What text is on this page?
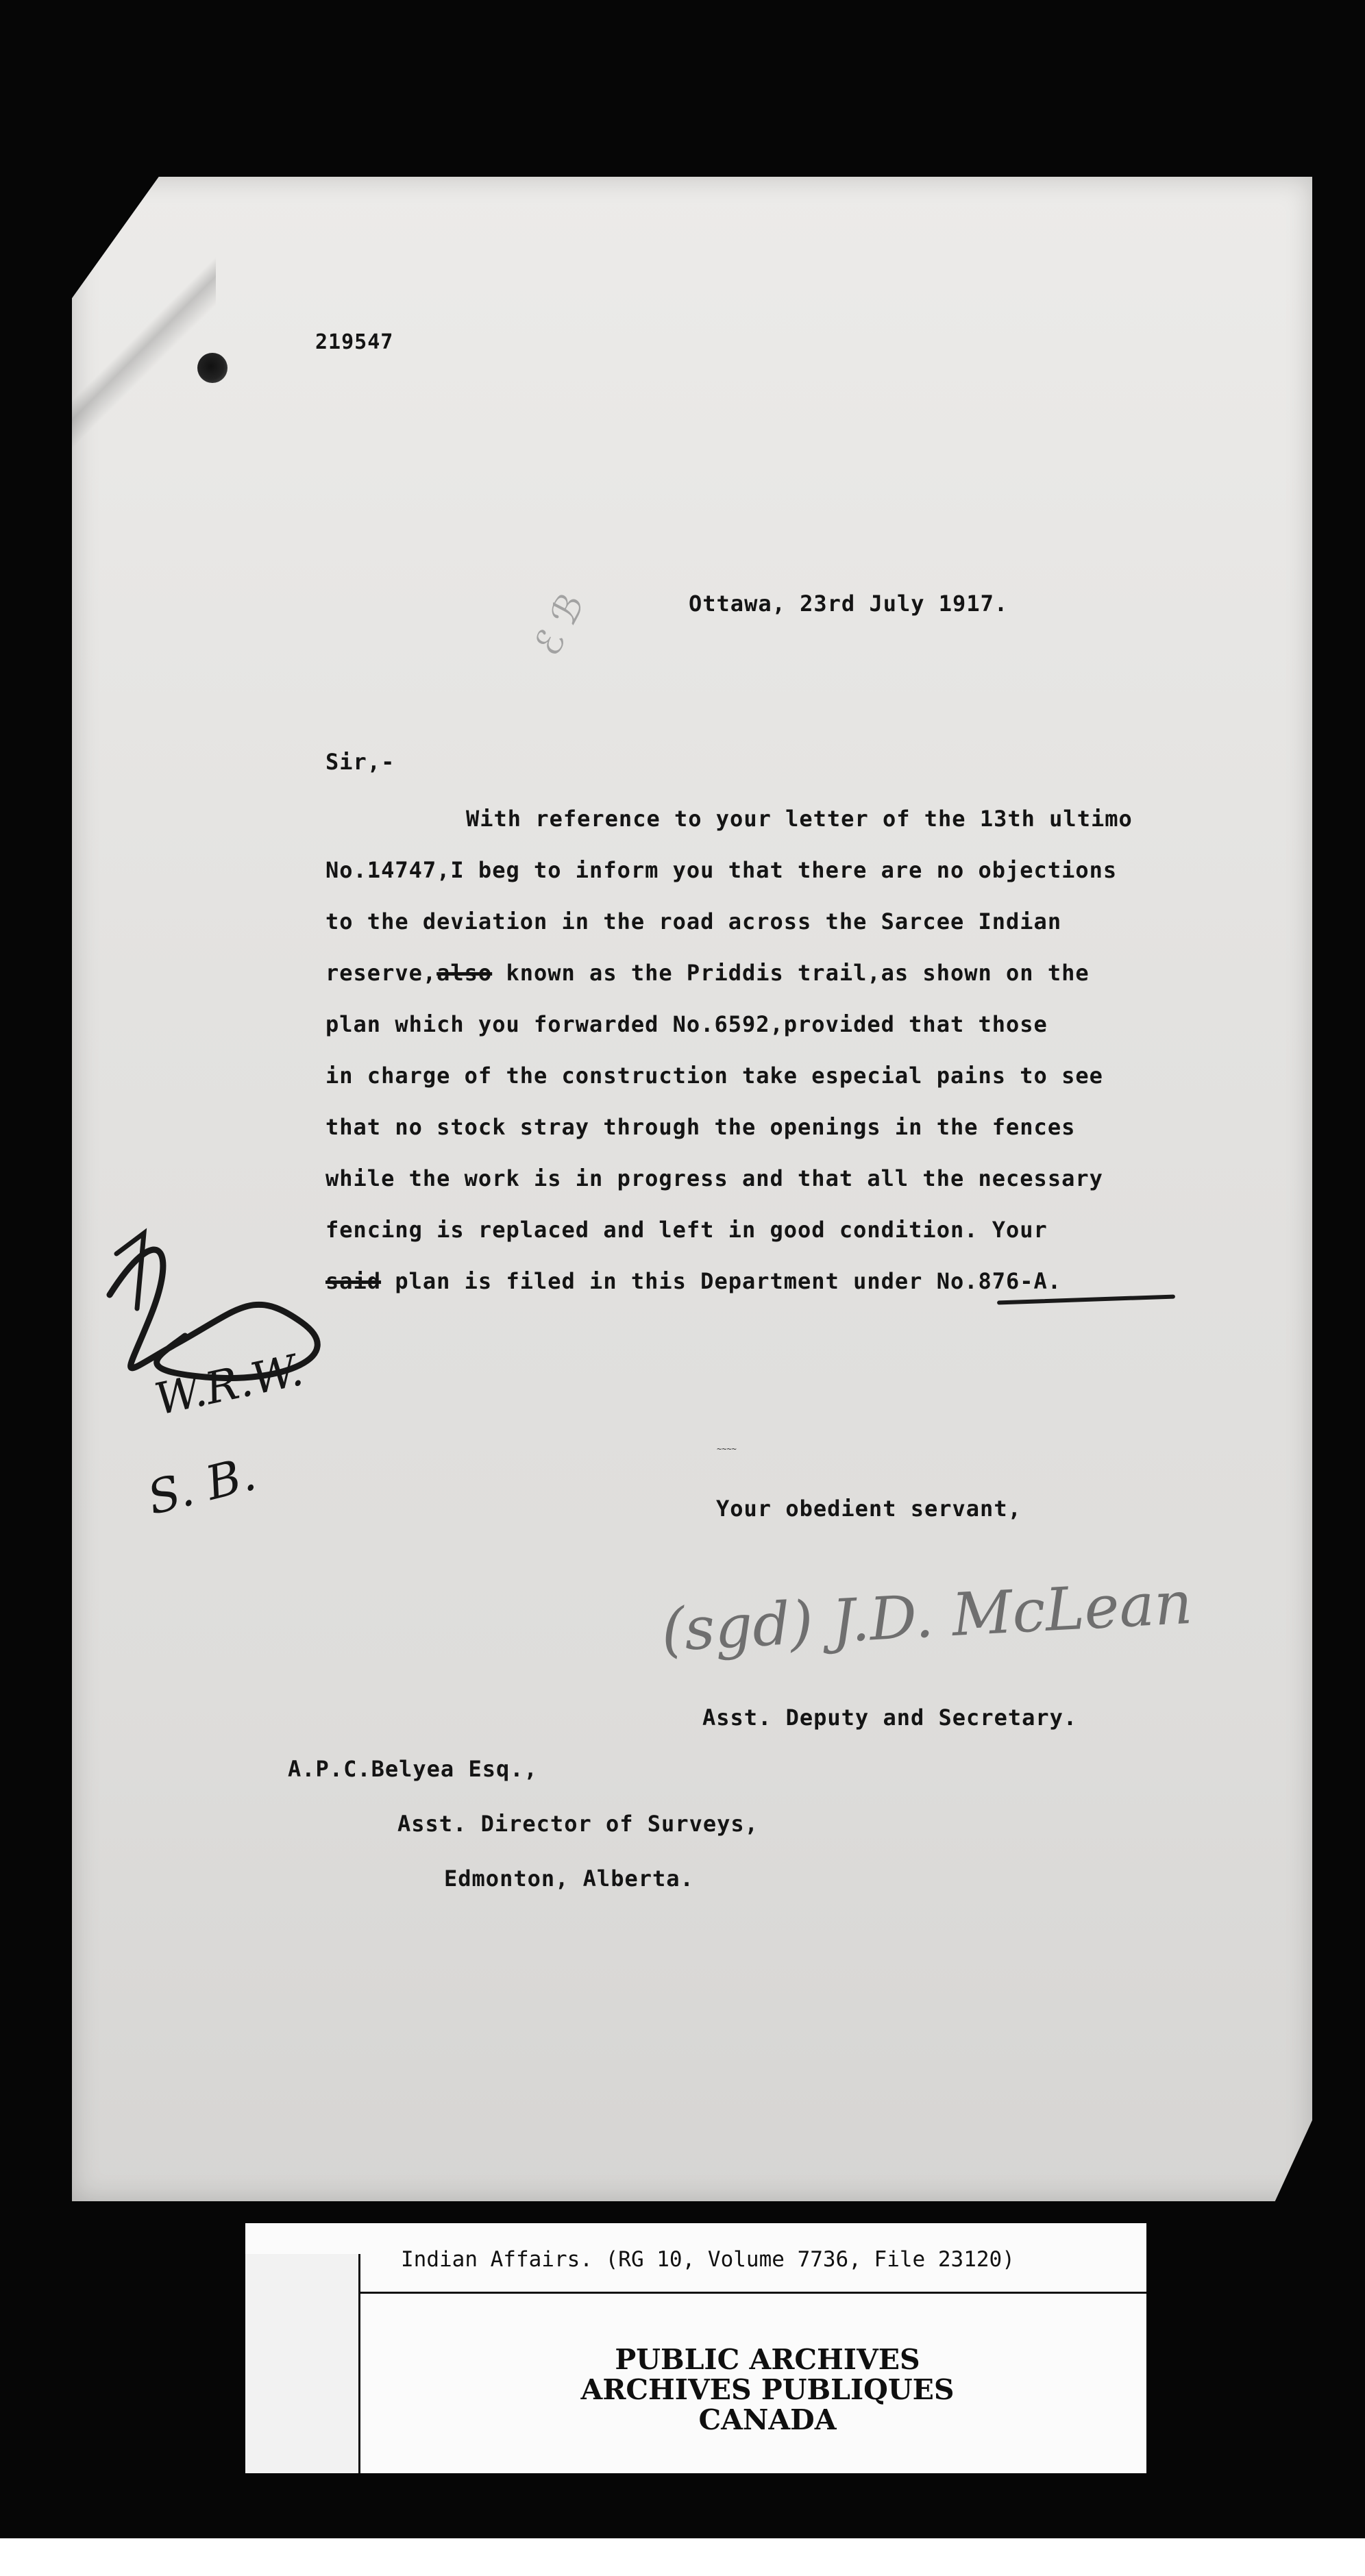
219547
ℰ ℬ	Ottawa, 23rd July 1917.
Sir,-
With reference to your letter of the 13th ultimo
No.14747,I beg to inform you that there are no objections
to the deviation in the road across the Sarcee Indian
reserve,also known as the Priddis trail,as shown on the
plan which you forwarded No.6592,provided that those
in charge of the construction take especial pains to see
that no stock stray through the openings in the fences
while the work is in progress and that all the necessary
fencing is replaced and left in good condition. Your
said plan is filed in this Department under No.876-A.
W.R.W.
S. B.	~~~~
Your obedient servant,
(sgd) J.D. McLean
Asst. Deputy and Secretary.
A.P.C.Belyea Esq.,
Asst. Director of Surveys,
Edmonton, Alberta.
Indian Affairs. (RG 10, Volume 7736, File 23120)
PUBLIC ARCHIVES
ARCHIVES PUBLIQUES
CANADA
